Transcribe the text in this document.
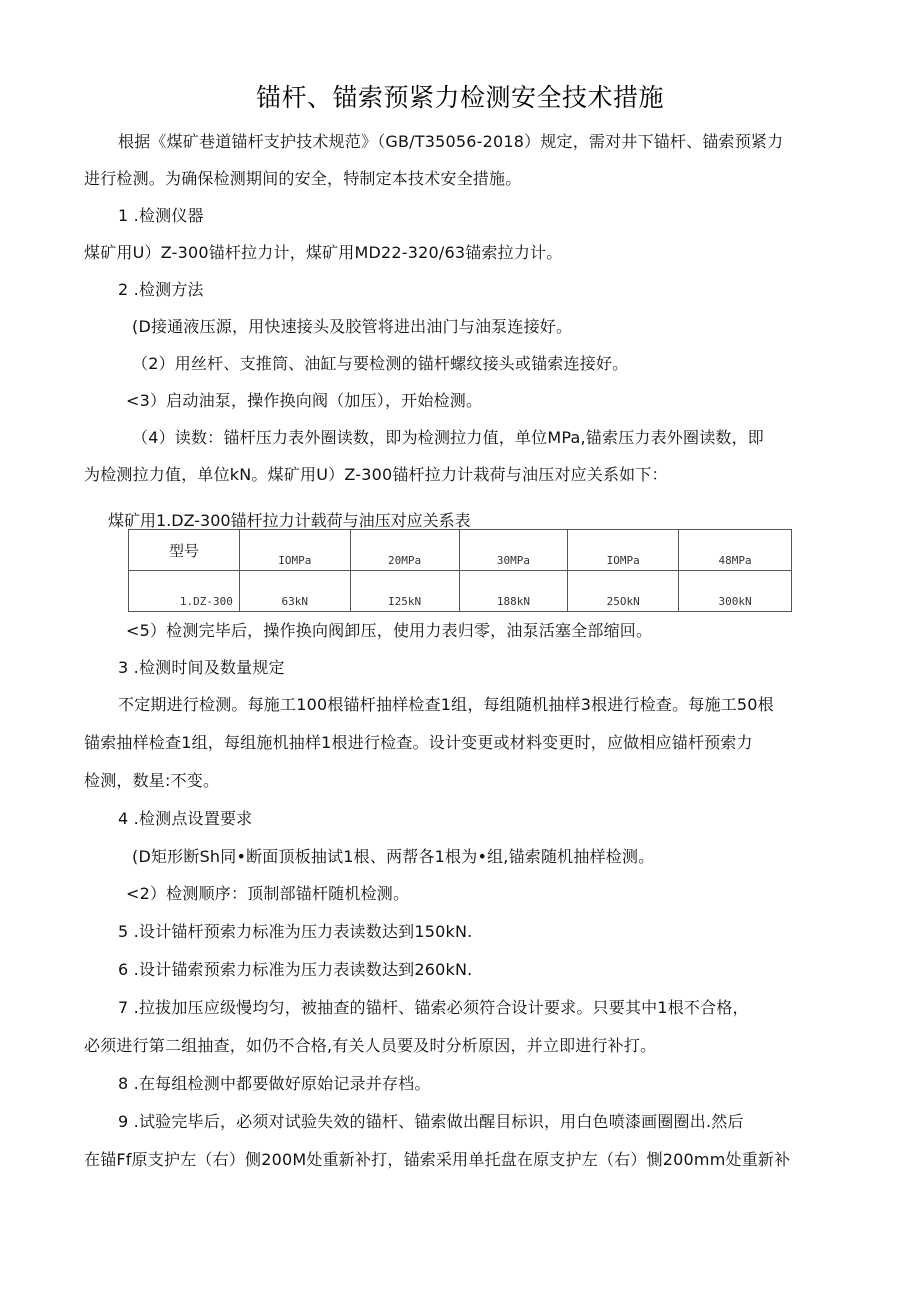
锚杆、锚索预紧力检测安全技术措施
根据《煤矿巷道锚杆支护技术规范》（GB/T35056-2018）规定，需对井下锚杆、锚索预紧力
进行检测。为确保检测期间的安全，特制定本技术安全措施。
1 .检测仪器
煤矿用U）Z-300锚杆拉力计，煤矿用MD22-320/63锚索拉力计。
2 .检测方法
(D接通液压源，用快速接头及胶管将进出油门与油泵连接好。
（2）用丝杆、支推筒、油缸与要检测的锚杆螺纹接头或锚索连接好。
<3）启动油泵，操作换向阀（加压），开始检测。
（4）读数：锚杆压力表外圈读数，即为检测拉力值，单位MPa,锚索压力表外圈读数，即
为检测拉力值，单位kN。煤矿用U）Z-300锚杆拉力计栽荷与油压对应关系如下：
煤矿用1.DZ-300锚杆拉力计载荷与油压对应关系表
型号	IOMPa	20MPa	30MPa	IOMPa	48MPa
1.DZ-300	63kN	I25kN	188kN	25OkN	300kN
<5）检测完毕后，操作换向阀卸压，使用力表归零，油泵活塞全部缩回。
3 .检测时间及数量规定
不定期进行检测。每施工100根锚杆抽样检查1组，每组随机抽样3根进行检查。每施工50根
锚索抽样检查1组，每组施机抽样1根进行检查。设计变更或材料变更时，应做相应锚杆预索力
检测，数星:不变。
4 .检测点设置要求
(D矩形断Sh同•断面顶板抽试1根、两帮各1根为•组,锚索随机抽样检测。
<2）检测顺序：顶制部锚杆随机检测。
5 .设计锚杆预索力标准为压力表读数达到150kN.
6 .设计锚索预索力标准为压力表读数达到260kN.
7 .拉拔加压应级慢均匀，被抽查的锚杆、锚索必须符合设计要求。只要其中1根不合格，
必须进行第二组抽查，如仍不合格,有关人员要及时分析原因，并立即进行补打。
8 .在每组检测中都要做好原始记录并存档。
9 .试验完毕后，必须对试验失效的锚杆、锚索做出醒目标识，用白色喷漆画圈圈出.然后
在锚Ff原支护左（右）侧200M处重新补打，锚索采用单托盘在原支护左（右）惻200mm处重新补
